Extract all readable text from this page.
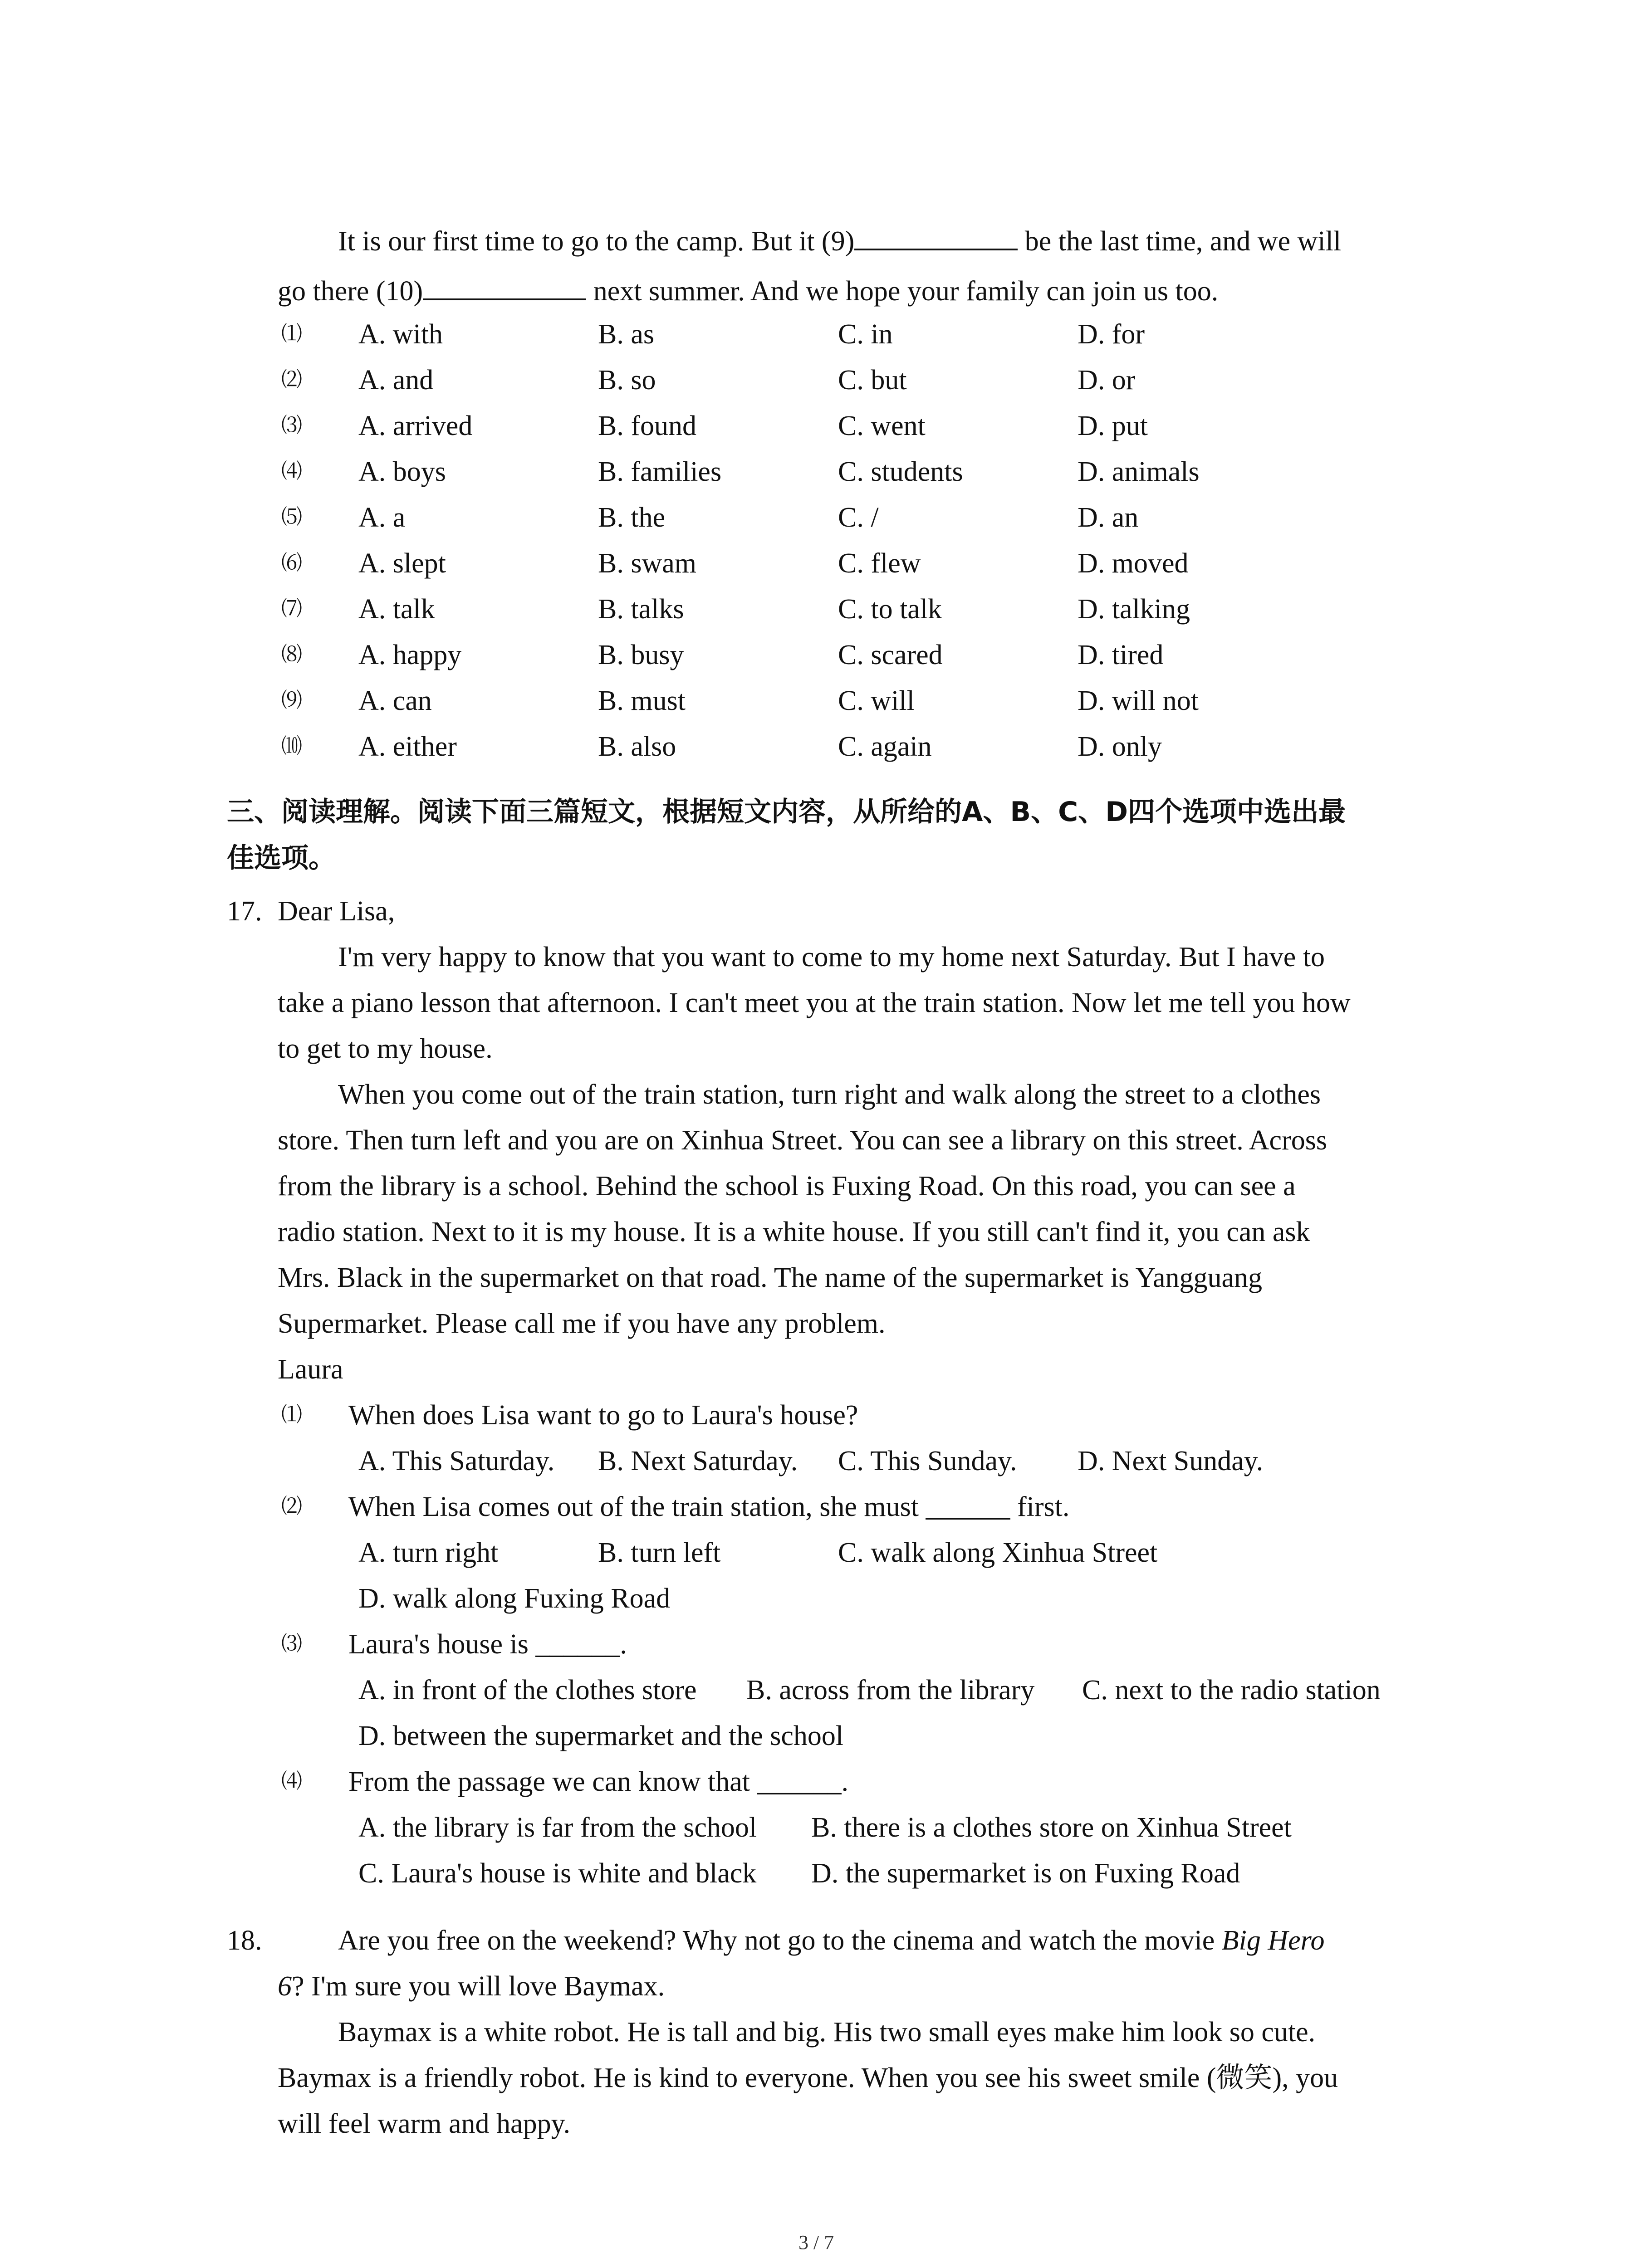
It is our first time to go to the camp. But it (9)	be the last time, and we will
go there (10)	next summer. And we hope your family can join us too.
⑴ A. with	B. as	C. in	D. for
⑵ A. and	B. so	C. but	D. or
⑶ A. arrived	B. found	C. went	D. put
⑷ A. boys	B. families	C. students	D. animals
⑸ A. a	B. the	C. /	D. an
⑹ A. slept	B. swam	C. flew	D. moved
⑺ A. talk	B. talks	C. to talk	D. talking
⑻ A. happy	B. busy	C. scared	D. tired
⑼ A. can	B. must	C. will	D. will not
⑽ A. either	B. also	C. again	D. only
三、阅读理解。阅读下面三篇短文，根据短文内容，从所给的A、B、C、D四个选项中选出最
佳选项。
17. Dear Lisa,
I'm very happy to know that you want to come to my home next Saturday. But I have to
take a piano lesson that afternoon. I can't meet you at the train station. Now let me tell you how
to get to my house.
When you come out of the train station, turn right and walk along the street to a clothes
store. Then turn left and you are on Xinhua Street. You can see a library on this street. Across
from the library is a school. Behind the school is Fuxing Road. On this road, you can see a
radio station. Next to it is my house. It is a white house. If you still can't find it, you can ask
Mrs. Black in the supermarket on that road. The name of the supermarket is Yangguang
Supermarket. Please call me if you have any problem.
Laura
⑴ When does Lisa want to go to Laura's house?
A. This Saturday. B. Next Saturday. C. This Sunday. D. Next Sunday.
⑵ When Lisa comes out of the train station, she must ______ first.
A. turn right	B. turn left	C. walk along Xinhua Street
D. walk along Fuxing Road
⑶ Laura's house is ______.
A. in front of the clothes store B. across from the library C. next to the radio station
D. between the supermarket and the school
⑷ From the passage we can know that ______.
A. the library is far from the school B. there is a clothes store on Xinhua Street
C. Laura's house is white and black D. the supermarket is on Fuxing Road
18.	Are you free on the weekend? Why not go to the cinema and watch the movie Big Hero
6? I'm sure you will love Baymax.
Baymax is a white robot. He is tall and big. His two small eyes make him look so cute.
Baymax is a friendly robot. He is kind to everyone. When you see his sweet smile (微笑), you
will feel warm and happy.
3 / 7
